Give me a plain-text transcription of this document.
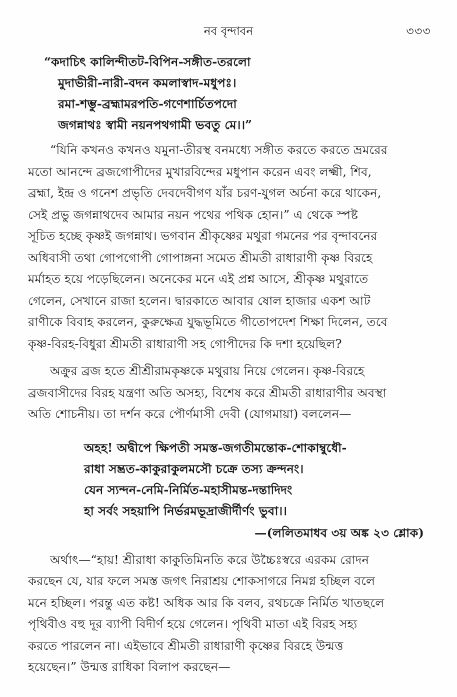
নব বৃন্দাবন	৩৩৩
“কদাচিৎ কালিন্দীতট-বিপিন-সঙ্গীত-তরলো
মুদাভীরী-নারী-বদন কমলাস্বাদ-মধুপঃ।
রমা-শম্ভু-ব্রহ্মামরপতি-গণেশার্চিতপদো
জগন্নাথঃ স্বামী নয়নপথগামী ভবতু মে।।”
“যিনি কখনও কখনও যমুনা-তীরস্থ বনমধ্যে সঙ্গীত করতে করতে ভ্রমরের
মতো আনন্দে ব্রজগোপীদের মুখারবিন্দের মধুপান করেন এবং লক্ষ্মী, শিব,
ব্রহ্মা, ইন্দ্র ও গনেশ প্রভৃতি দেবদেবীগণ যাঁর চরণ-যুগল অর্চনা করে থাকেন,
সেই প্রভু জগন্নাথদেব আমার নয়ন পথের পথিক হোন।” এ থেকে স্পষ্ট
সূচিত হচ্ছে কৃষ্ণই জগন্নাথ। ভগবান শ্রীকৃষ্ণের মথুরা গমনের পর বৃন্দাবনের
অধিবাসী তথা গোপগোপী গোপাঙ্গনা সমেত শ্রীমতী রাধারাণী কৃষ্ণ বিরহে
মর্মাহত হয়ে পড়েছিলেন। অনেকের মনে এই প্রশ্ন আসে, শ্রীকৃষ্ণ মথুরাতে
গেলেন, সেখানে রাজা হলেন। দ্বারকাতে আবার ষোল হাজার একশ আট
রাণীকে বিবাহ করলেন, কুরুক্ষেত্র যুদ্ধভূমিতে গীতোপদেশ শিক্ষা দিলেন, তবে
কৃষ্ণ-বিরহ-বিধুরা শ্রীমতী রাধারাণী সহ গোপীদের কি দশা হয়েছিল?
অক্রুর ব্রজ হতে শ্রীশ্রীরামকৃষ্ণকে মথুরায় নিয়ে গেলেন। কৃষ্ণ-বিরহে
ব্রজবাসীদের বিরহ যন্ত্রণা অতি অসহ্য, বিশেষ করে শ্রীমতী রাধারাণীর অবস্থা
অতি শোচনীয়। তা দর্শন করে পৌর্ণমাসী দেবী (যোগমায়া) বললেন—
অহহ! অদ্বীপে ক্ষিপতী সমস্ত-জগতীমন্তোক-শোকাম্বুধৌ-
রাধা সম্ভ্রত-কাকুরাকুলমসৌ চক্রে তস্য ক্রন্দনং।
যেন স্যন্দন-নেমি-নির্মিত-মহাসীমন্ত-দন্তাদিদং
হা সর্বং সহয়াপি নির্ভরমভূদ্রাজীর্দীর্ণং ভুবা।।
—(ললিতমাধব ৩য় অঙ্ক ২৩ শ্লোক)
অর্থাৎ—“হায়! শ্রীরাধা কাকুতিমিনতি করে উচ্চৈঃস্বরে এরকম রোদন
করছেন যে, যার ফলে সমস্ত জগৎ নিরাশ্রয় শোকসাগরে নিমগ্ন হচ্ছিল বলে
মনে হচ্ছিল। পরন্তু এত কষ্ট! অধিক আর কি বলব, রথচক্রে নির্মিত খাতছলে
পৃথিবীও বহু দূর ব্যাপী বিদীর্ণ হয়ে গেলেন। পৃথিবী মাতা এই বিরহ সহ্য
করতে পারলেন না। এইভাবে শ্রীমতী রাধারাণী কৃষ্ণের বিরহে উন্মত্ত
হয়েছেন।” উন্মত্ত রাধিকা বিলাপ করছেন—
